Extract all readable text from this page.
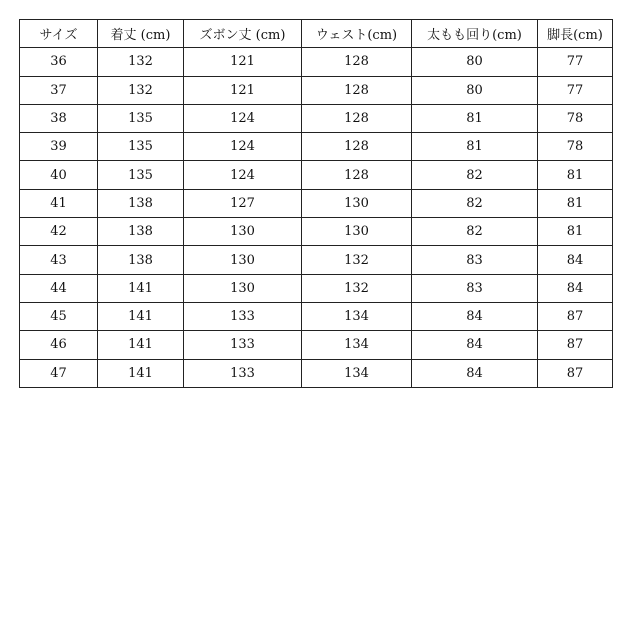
サイズ	着丈 (cm)	ズボン丈 (cm)	ウェスト(cm)	太もも回り(cm)	脚長(cm)
36	132	121	128	80	77
37	132	121	128	80	77
38	135	124	128	81	78
39	135	124	128	81	78
40	135	124	128	82	81
41	138	127	130	82	81
42	138	130	130	82	81
43	138	130	132	83	84
44	141	130	132	83	84
45	141	133	134	84	87
46	141	133	134	84	87
47	141	133	134	84	87
